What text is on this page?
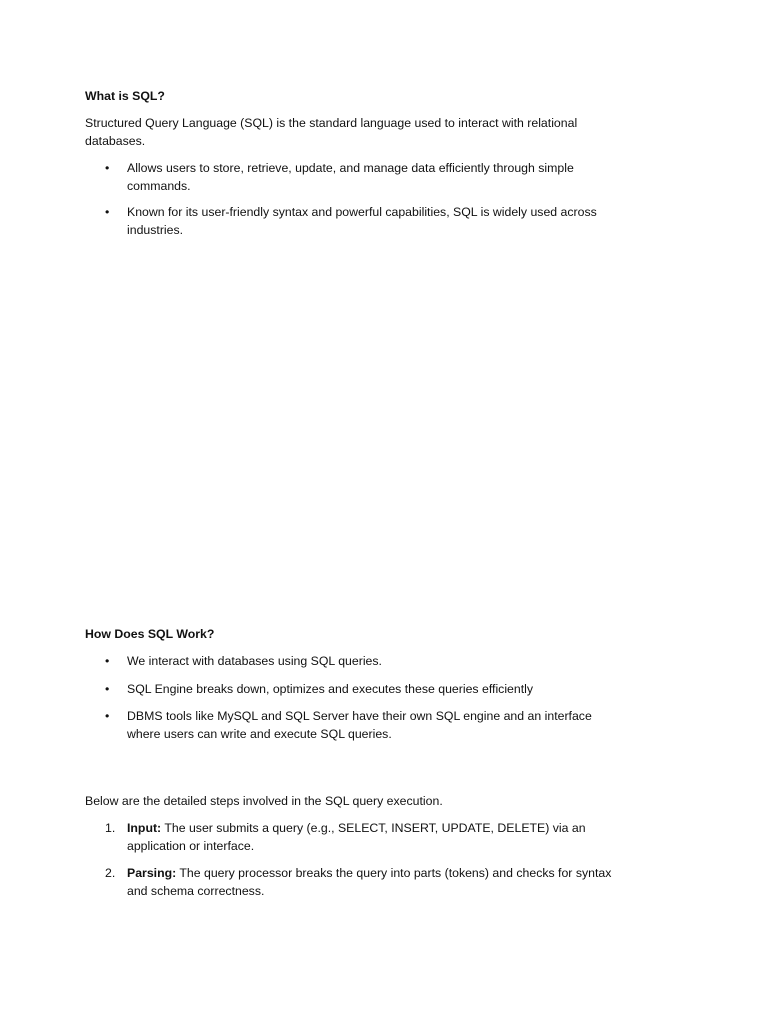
What is SQL?

Structured Query Language (SQL) is the standard language used to interact with relational databases.

• Allows users to store, retrieve, update, and manage data efficiently through simple commands.
• Known for its user-friendly syntax and powerful capabilities, SQL is widely used across industries.

How Does SQL Work?

• We interact with databases using SQL queries.
• SQL Engine breaks down, optimizes and executes these queries efficiently
• DBMS tools like MySQL and SQL Server have their own SQL engine and an interface where users can write and execute SQL queries.

Below are the detailed steps involved in the SQL query execution.

1. Input: The user submits a query (e.g., SELECT, INSERT, UPDATE, DELETE) via an application or interface.
2. Parsing: The query processor breaks the query into parts (tokens) and checks for syntax and schema correctness.
